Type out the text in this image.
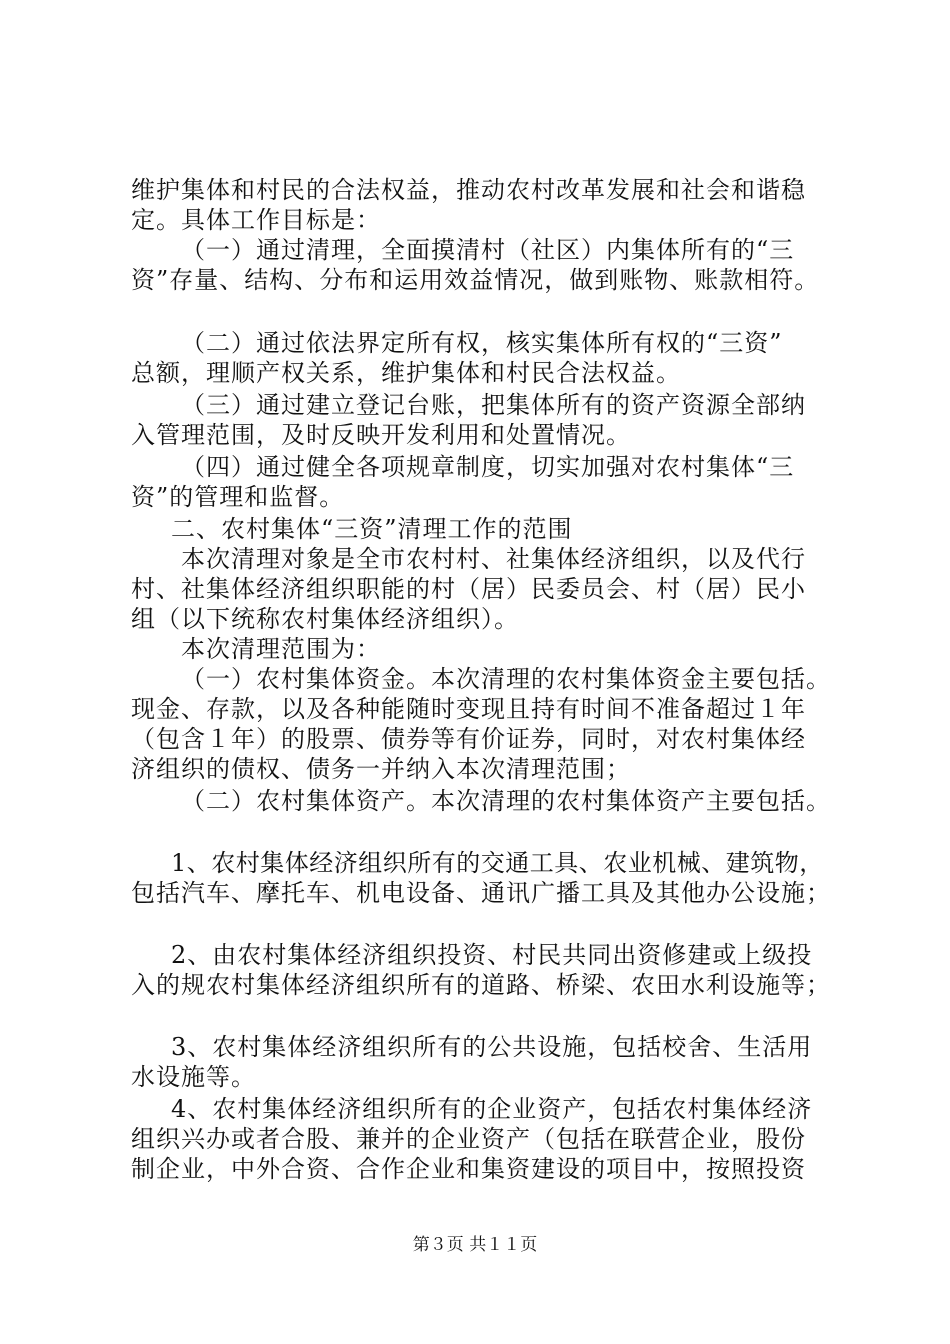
维护集体和村民的合法权益，推动农村改革发展和社会和谐稳
定。具体工作目标是：
（一）通过清理，全面摸清村（社区）内集体所有的“三
资”存量、结构、分布和运用效益情况，做到账物、账款相符。
（二）通过依法界定所有权，核实集体所有权的“三资”
总额，理顺产权关系，维护集体和村民合法权益。
（三）通过建立登记台账，把集体所有的资产资源全部纳
入管理范围，及时反映开发利用和处置情况。
（四）通过健全各项规章制度，切实加强对农村集体“三
资”的管理和监督。
二、农村集体“三资”清理工作的范围
本次清理对象是全市农村村、社集体经济组织，以及代行
村、社集体经济组织职能的村（居）民委员会、村（居）民小
组（以下统称农村集体经济组织）。
本次清理范围为：
（一）农村集体资金。本次清理的农村集体资金主要包括。
现金、存款，以及各种能随时变现且持有时间不准备超过１年
（包含１年）的股票、债券等有价证券，同时，对农村集体经
济组织的债权、债务一并纳入本次清理范围；
（二）农村集体资产。本次清理的农村集体资产主要包括。
1、农村集体经济组织所有的交通工具、农业机械、建筑物，
包括汽车、摩托车、机电设备、通讯广播工具及其他办公设施；
2、由农村集体经济组织投资、村民共同出资修建或上级投
入的规农村集体经济组织所有的道路、桥梁、农田水利设施等；
3、农村集体经济组织所有的公共设施，包括校舍、生活用
水设施等。
4、农村集体经济组织所有的企业资产，包括农村集体经济
组织兴办或者合股、兼并的企业资产（包括在联营企业，股份
制企业，中外合资、合作企业和集资建设的项目中，按照投资
第３页 共１１页
